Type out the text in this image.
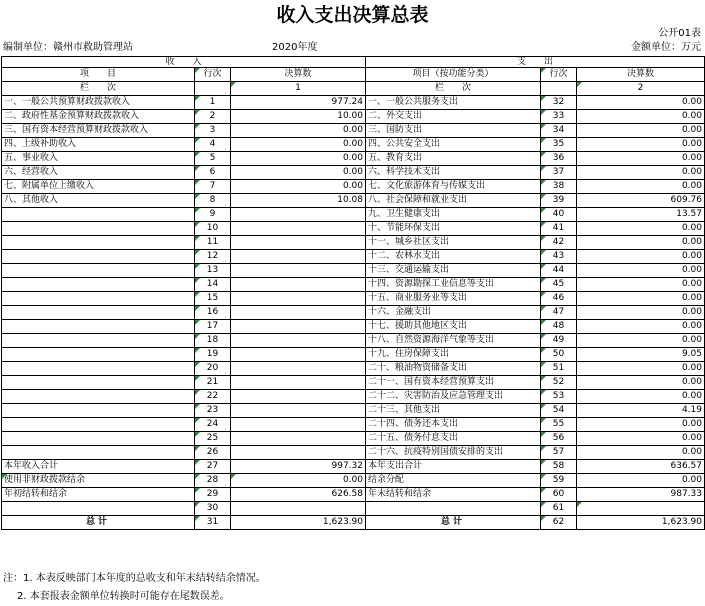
收入支出决算总表
公开01表
编制单位：赣州市救助管理站	2020年度	金额单位：万元
收　　入			支　　出		
项　　目	行次	决算数	项目（按功能分类）	行次	决算数
栏　　次		1	栏　　次		2
一、一般公共预算财政拨款收入	1	977.24	一、一般公共服务支出	32	0.00
二、政府性基金预算财政拨款收入	2	10.00	二、外交支出	33	0.00
三、国有资本经营预算财政拨款收入	3	0.00	三、国防支出	34	0.00
四、上级补助收入	4	0.00	四、公共安全支出	35	0.00
五、事业收入	5	0.00	五、教育支出	36	0.00
六、经营收入	6	0.00	六、科学技术支出	37	0.00
七、附属单位上缴收入	7	0.00	七、文化旅游体育与传媒支出	38	0.00
八、其他收入	8	10.08	八、社会保障和就业支出	39	609.76
	9		九、卫生健康支出	40	13.57
	10		十、节能环保支出	41	0.00
	11		十一、城乡社区支出	42	0.00
	12		十二、农林水支出	43	0.00
	13		十三、交通运输支出	44	0.00
	14		十四、资源勘探工业信息等支出	45	0.00
	15		十五、商业服务业等支出	46	0.00
	16		十六、金融支出	47	0.00
	17		十七、援助其他地区支出	48	0.00
	18		十八、自然资源海洋气象等支出	49	0.00
	19		十九、住房保障支出	50	9.05
	20		二十、粮油物资储备支出	51	0.00
	21		二十一、国有资本经营预算支出	52	0.00
	22		二十二、灾害防治及应急管理支出	53	0.00
	23		二十三、其他支出	54	4.19
	24		二十四、债务还本支出	55	0.00
	25		二十五、债务付息支出	56	0.00
	26		二十六、抗疫特别国债安排的支出	57	0.00
本年收入合计	27	997.32	本年支出合计	58	636.57
使用非财政拨款结余	28	0.00	结余分配	59	0.00
年初结转和结余	29	626.58	年末结转和结余	60	987.33
	30			61	
总计	31	1,623.90	总计	62	1,623.90
注：1. 本表反映部门本年度的总收支和年末结转结余情况。
2. 本套报表金额单位转换时可能存在尾数误差。
